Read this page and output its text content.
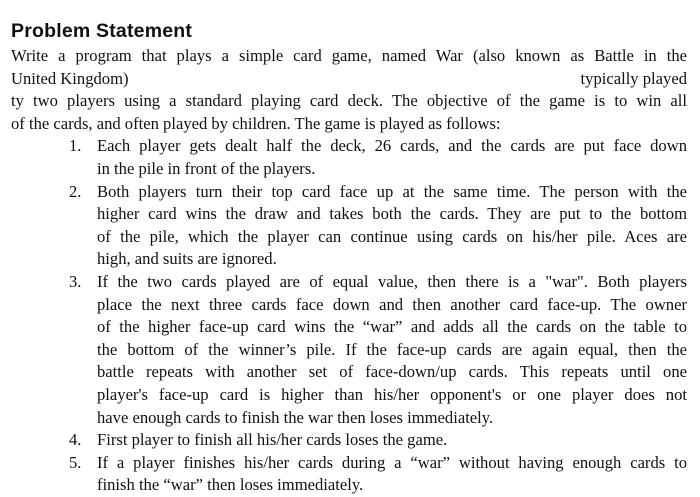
Problem Statement
Write a program that plays a simple card game, named War (also known as Battle in the
United Kingdom)	typically played
ty two players using a standard playing card deck. The objective of the game is to win all
of the cards, and often played by children. The game is played as follows:
1. Each player gets dealt half the deck, 26 cards, and the cards are put face down
in the pile in front of the players.
2. Both players turn their top card face up at the same time. The person with the
higher card wins the draw and takes both the cards. They are put to the bottom
of the pile, which the player can continue using cards on his/her pile. Aces are
high, and suits are ignored.
3. If the two cards played are of equal value, then there is a "war". Both players
place the next three cards face down and then another card face-up. The owner
of the higher face-up card wins the “war” and adds all the cards on the table to
the bottom of the winner’s pile. If the face-up cards are again equal, then the
battle repeats with another set of face-down/up cards. This repeats until one
player's face-up card is higher than his/her opponent's or one player does not
have enough cards to finish the war then loses immediately.
4. First player to finish all his/her cards loses the game.
5. If a player finishes his/her cards during a “war” without having enough cards to
finish the “war” then loses immediately.
